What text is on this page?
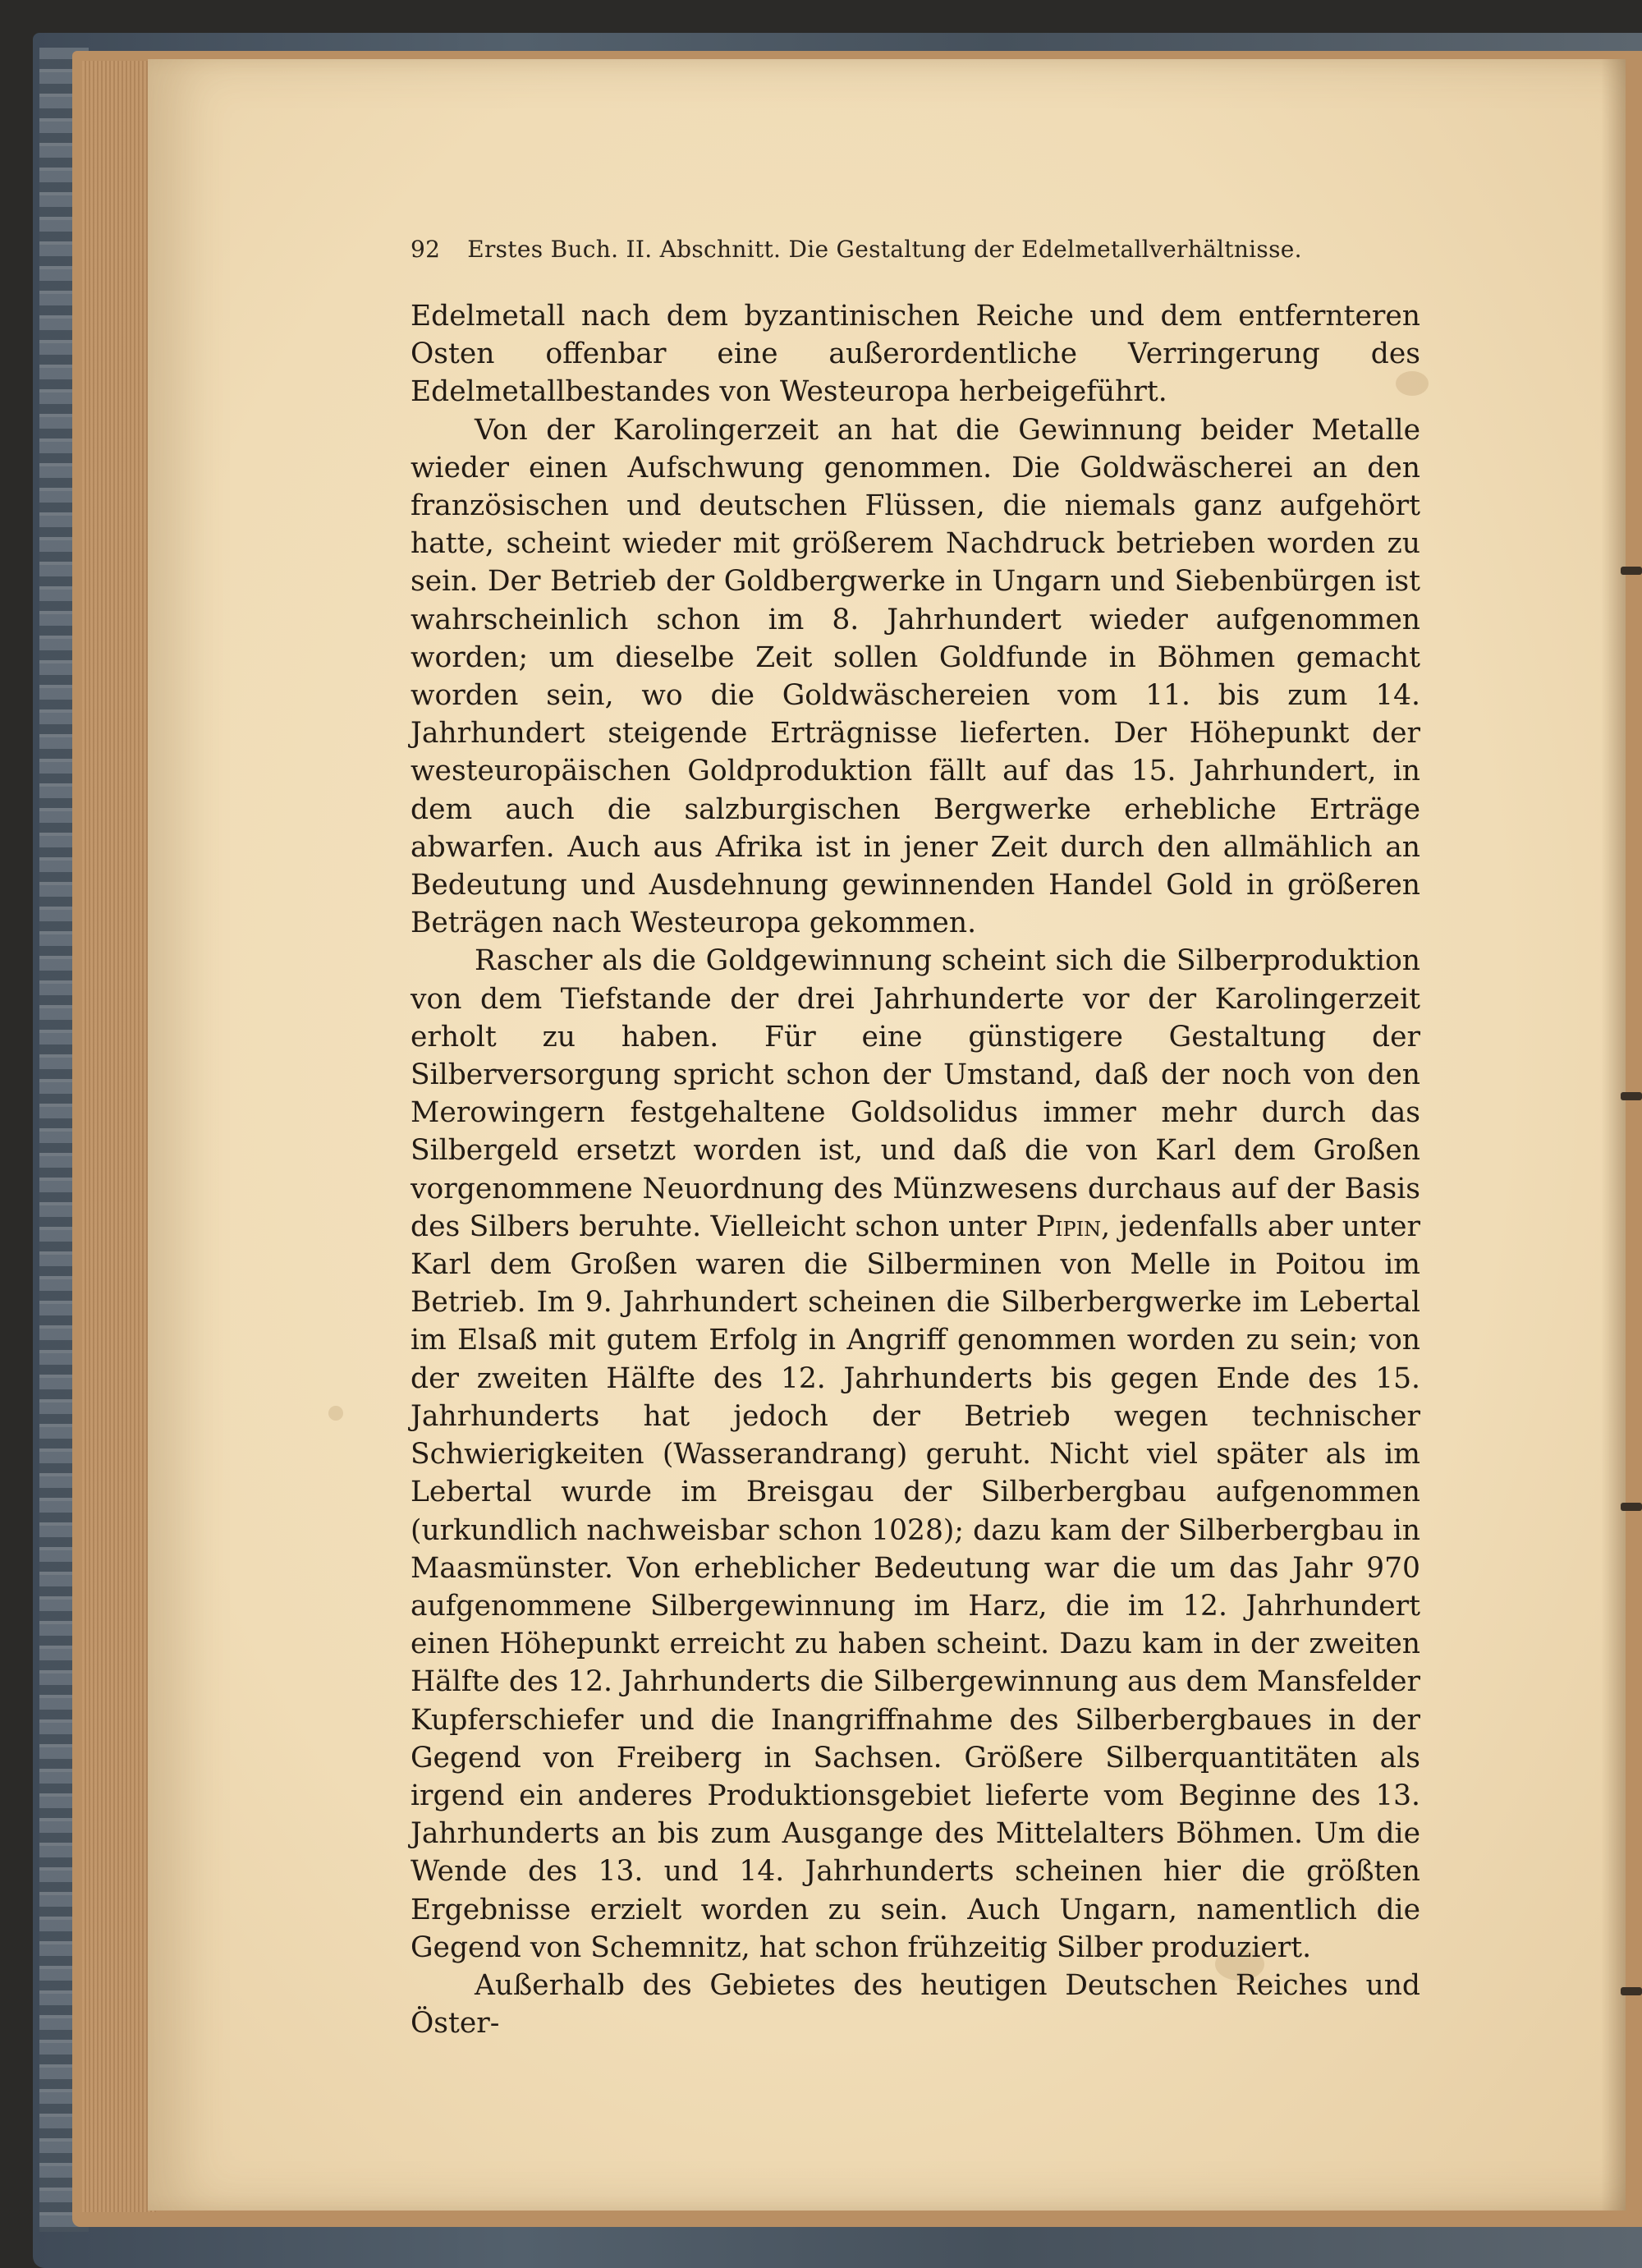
92 Erstes Buch. II. Abschnitt. Die Gestaltung der Edelmetallverhältnisse.

Edelmetall nach dem byzantinischen Reiche und dem entfernteren Osten offenbar eine außerordentliche Verringerung des Edelmetallbestandes von Westeuropa herbeigeführt.

Von der Karolingerzeit an hat die Gewinnung beider Metalle wieder einen Aufschwung genommen. Die Goldwäscherei an den französischen und deutschen Flüssen, die niemals ganz aufgehört hatte, scheint wieder mit größerem Nachdruck betrieben worden zu sein. Der Betrieb der Goldbergwerke in Ungarn und Siebenbürgen ist wahrscheinlich schon im 8. Jahrhundert wieder aufgenommen worden; um dieselbe Zeit sollen Goldfunde in Böhmen gemacht worden sein, wo die Goldwäschereien vom 11. bis zum 14. Jahrhundert steigende Erträgnisse lieferten. Der Höhepunkt der westeuropäischen Goldproduktion fällt auf das 15. Jahrhundert, in dem auch die salzburgischen Bergwerke erhebliche Erträge abwarfen. Auch aus Afrika ist in jener Zeit durch den allmählich an Bedeutung und Ausdehnung gewinnenden Handel Gold in größeren Beträgen nach Westeuropa gekommen.

Rascher als die Goldgewinnung scheint sich die Silberproduktion von dem Tiefstande der drei Jahrhunderte vor der Karolingerzeit erholt zu haben. Für eine günstigere Gestaltung der Silberversorgung spricht schon der Umstand, daß der noch von den Merowingern festgehaltene Goldsolidus immer mehr durch das Silbergeld ersetzt worden ist, und daß die von Karl dem Großen vorgenommene Neuordnung des Münzwesens durchaus auf der Basis des Silbers beruhte. Vielleicht schon unter Pipin, jedenfalls aber unter Karl dem Großen waren die Silberminen von Melle in Poitou im Betrieb. Im 9. Jahrhundert scheinen die Silberbergwerke im Lebertal im Elsaß mit gutem Erfolg in Angriff genommen worden zu sein; von der zweiten Hälfte des 12. Jahrhunderts bis gegen Ende des 15. Jahrhunderts hat jedoch der Betrieb wegen technischer Schwierigkeiten (Wasserandrang) geruht. Nicht viel später als im Lebertal wurde im Breisgau der Silberbergbau aufgenommen (urkundlich nachweisbar schon 1028); dazu kam der Silberbergbau in Maasmünster. Von erheblicher Bedeutung war die um das Jahr 970 aufgenommene Silbergewinnung im Harz, die im 12. Jahrhundert einen Höhepunkt erreicht zu haben scheint. Dazu kam in der zweiten Hälfte des 12. Jahrhunderts die Silbergewinnung aus dem Mansfelder Kupferschiefer und die Inangriffnahme des Silberbergbaues in der Gegend von Freiberg in Sachsen. Größere Silberquantitäten als irgend ein anderes Produktionsgebiet lieferte vom Beginne des 13. Jahrhunderts an bis zum Ausgange des Mittelalters Böhmen. Um die Wende des 13. und 14. Jahrhunderts scheinen hier die größten Ergebnisse erzielt worden zu sein. Auch Ungarn, namentlich die Gegend von Schemnitz, hat schon frühzeitig Silber produziert.

Außerhalb des Gebietes des heutigen Deutschen Reiches und Öster-
